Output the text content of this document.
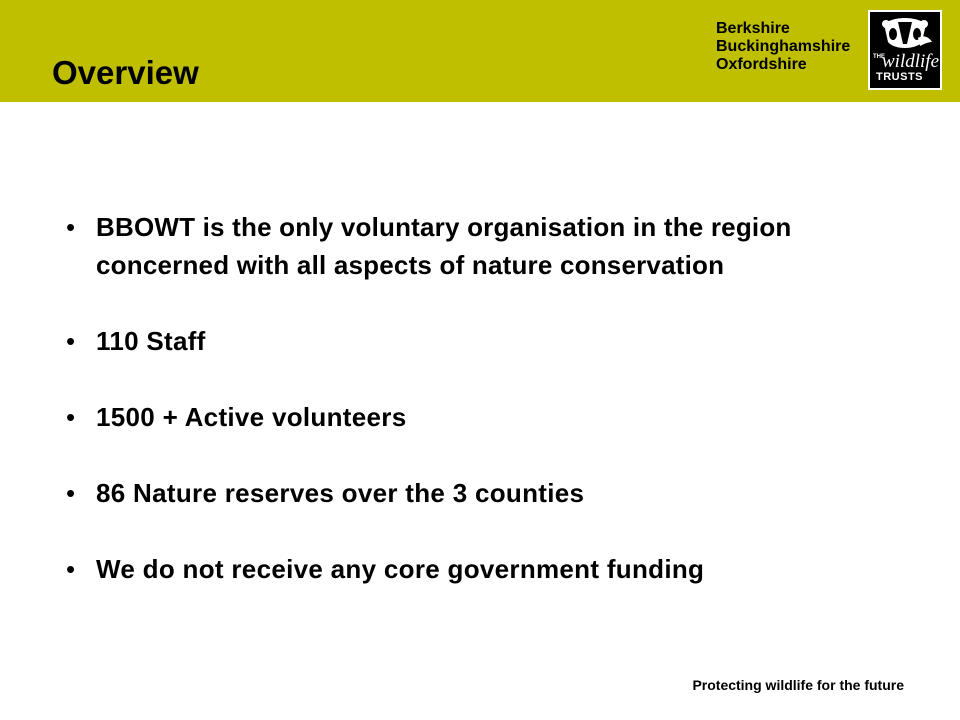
Overview
Berkshire
Buckinghamshire
Oxfordshire	THE
wildlife
TRUSTS
• BBOWT is the only voluntary organisation in the region concerned with all aspects of nature conservation
• 110 Staff
• 1500 + Active volunteers
• 86 Nature reserves over the 3 counties
• We do not receive any core government funding
Protecting wildlife for the future
